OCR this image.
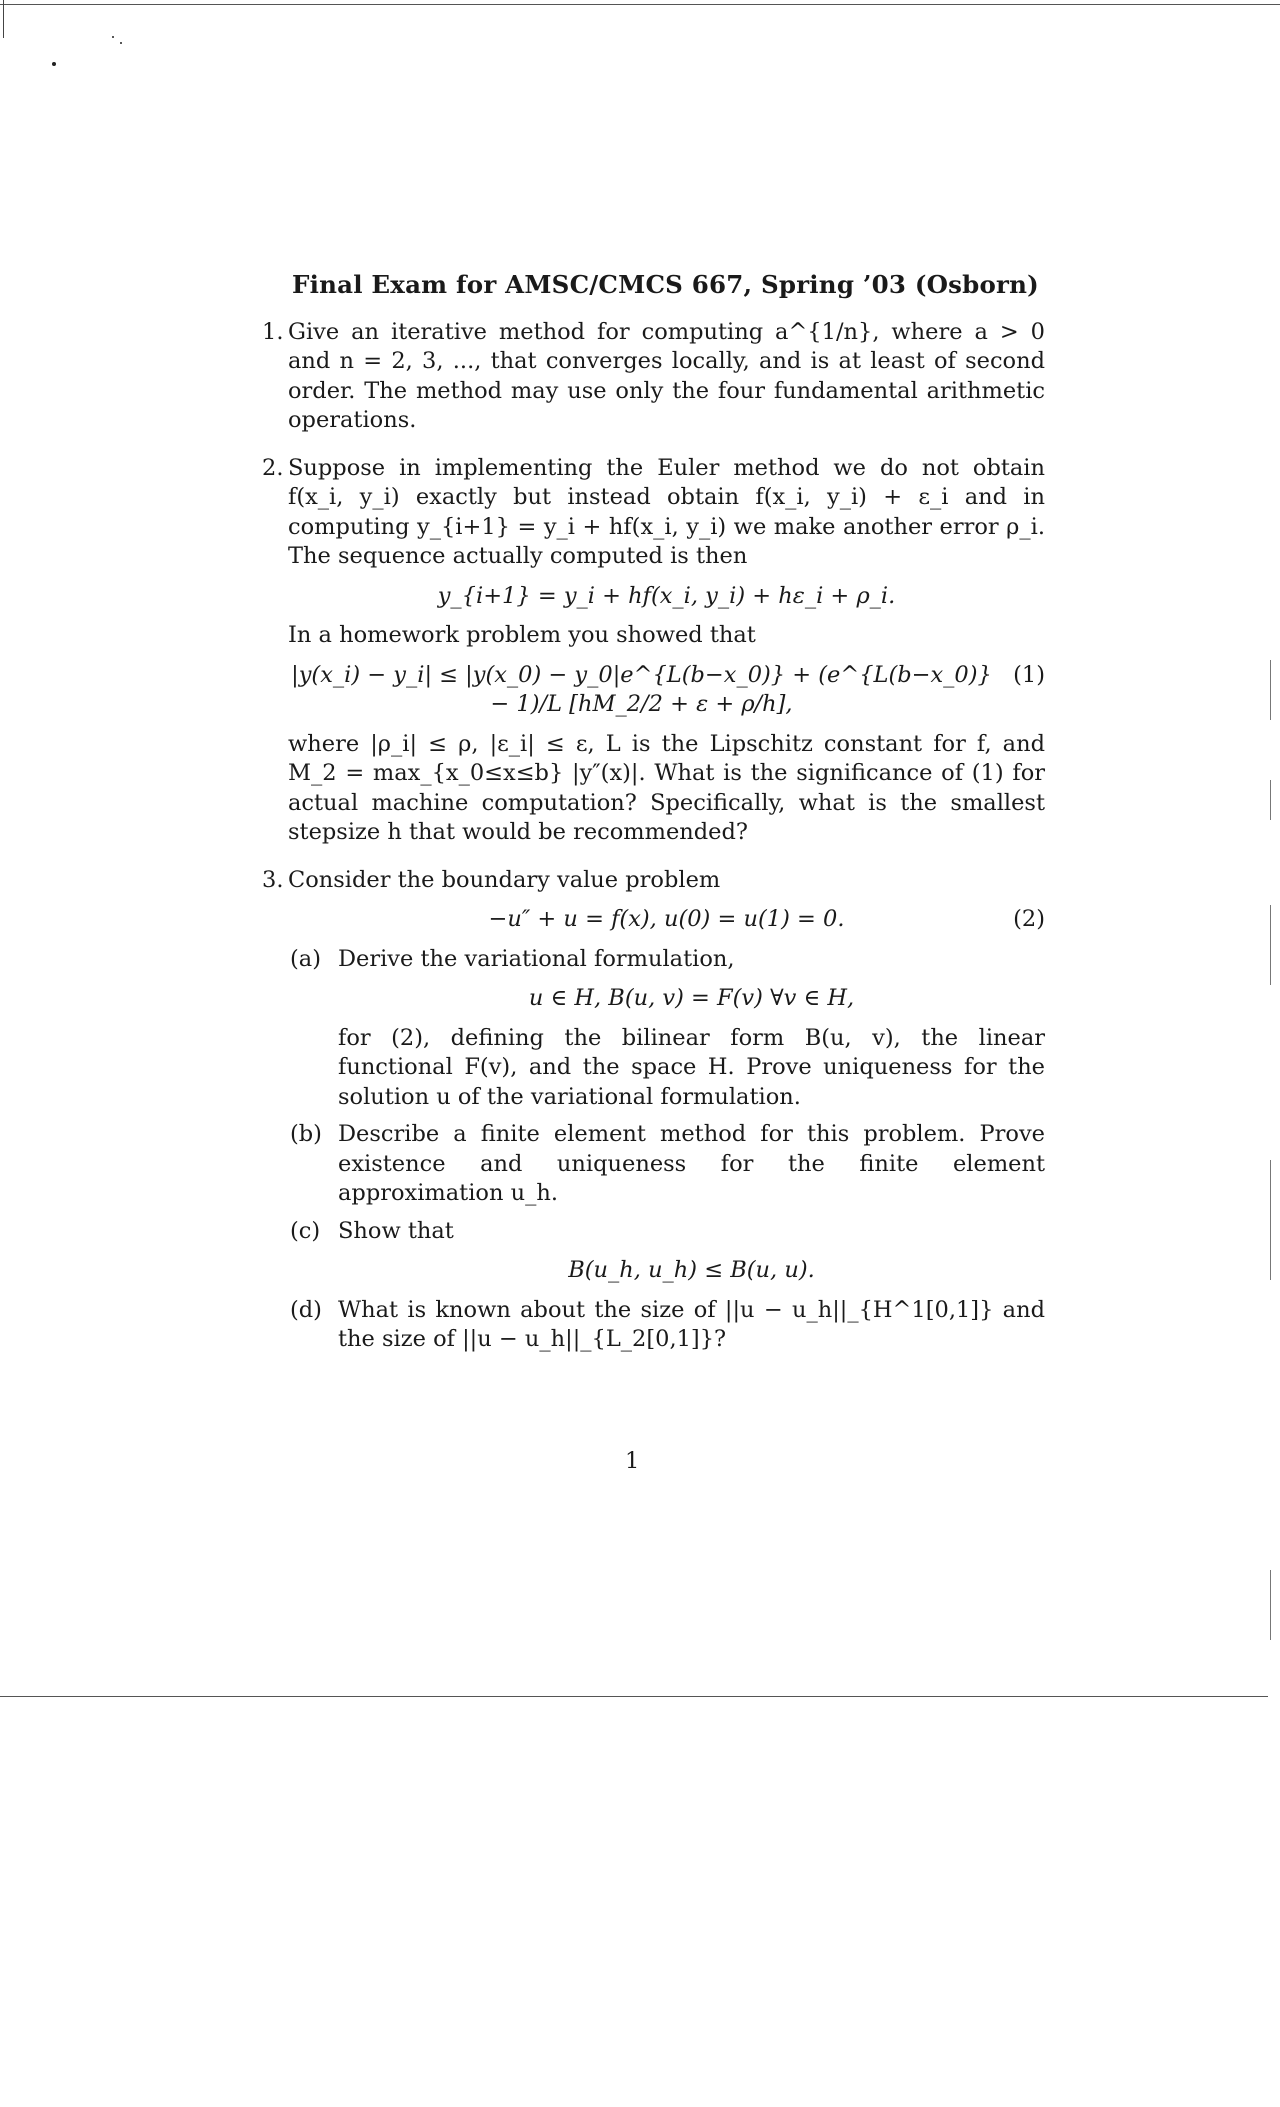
Final Exam for AMSC/CMCS 667, Spring ’03 (Osborn)
1. Give an iterative method for computing a^{1/n}, where a > 0 and n = 2, 3, ..., that converges locally, and is at least of second order. The method may use only the four fundamental arithmetic operations.

2. Suppose in implementing the Euler method we do not obtain f(x_i, y_i) exactly but instead obtain f(x_i, y_i) + ε_i and in computing y_{i+1} = y_i + hf(x_i, y_i) we make another error ρ_i. The sequence actually computed is then

y_{i+1} = y_i + hf(x_i, y_i) + hε_i + ρ_i.

In a homework problem you showed that

|y(x_i) − y_i| ≤ |y(x_0) − y_0|e^{L(b−x_0)} + (e^{L(b−x_0)} − 1)/L [hM_2/2 + ε + ρ/h],
(1)

where |ρ_i| ≤ ρ, |ε_i| ≤ ε, L is the Lipschitz constant for f, and M_2 = max_{x_0≤x≤b} |y″(x)|. What is the significance of (1) for actual machine computation? Specifically, what is the smallest stepsize h that would be recommended?

3. Consider the boundary value problem

−u″ + u = f(x), u(0) = u(1) = 0.	(2)
(a) Derive the variational formulation,

u ∈ H, B(u, v) = F(v) ∀v ∈ H,

for (2), defining the bilinear form B(u, v), the linear functional F(v), and the space H. Prove uniqueness for the solution u of the variational formulation.

(b) Describe a finite element method for this problem. Prove existence and uniqueness for the finite element approximation u_h.

(c) Show that

B(u_h, u_h) ≤ B(u, u).
(d) What is known about the size of ||u − u_h||_{H^1[0,1]} and the size of ||u − u_h||_{L_2[0,1]}?

1
